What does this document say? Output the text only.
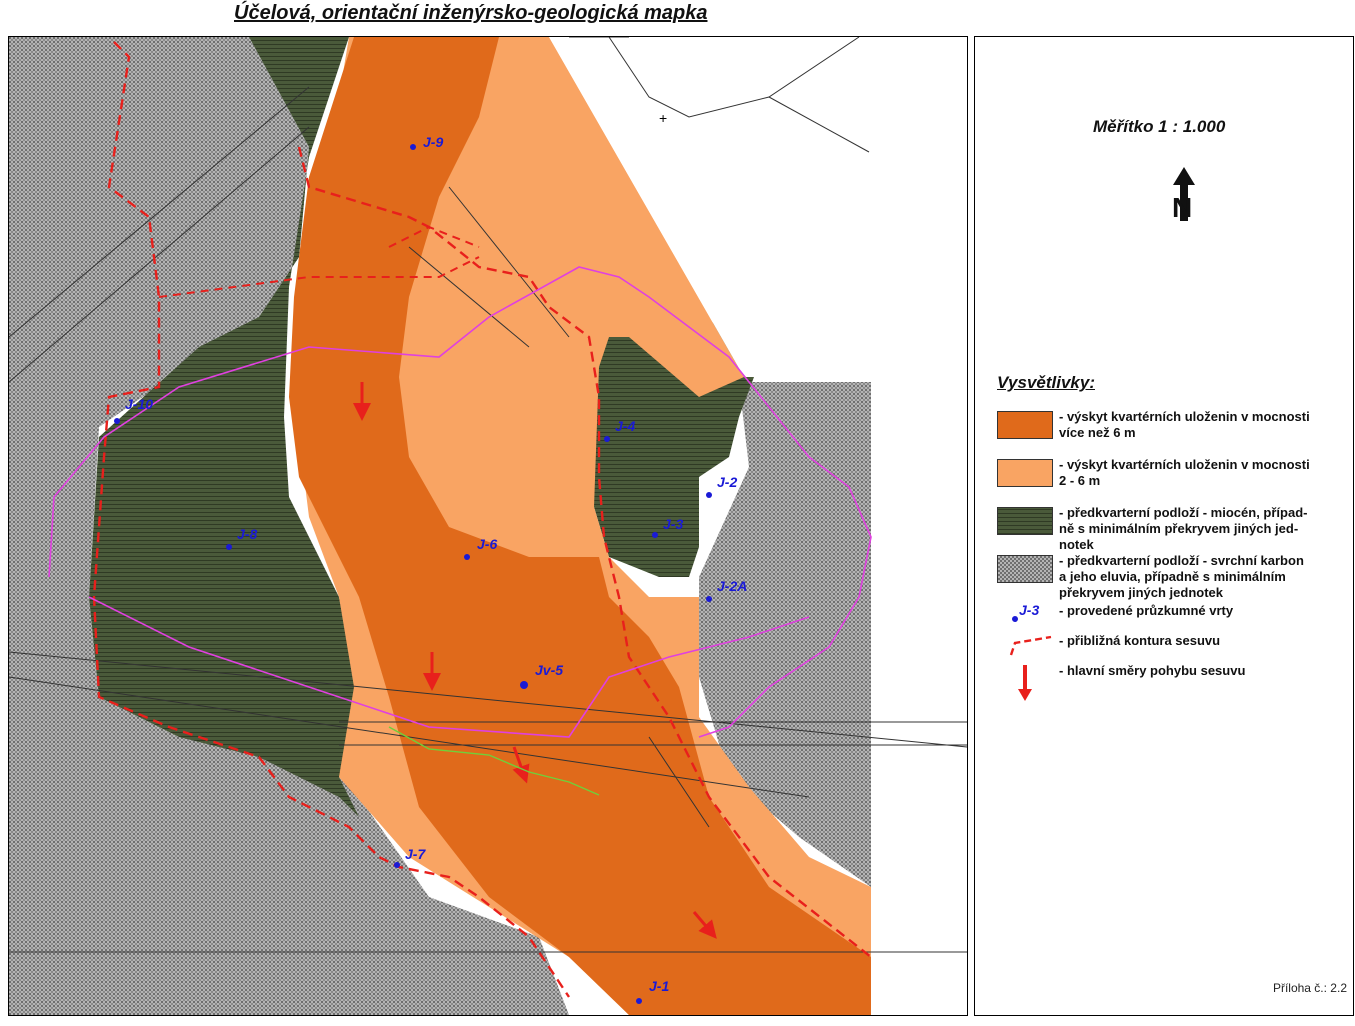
Účelová, orientační inženýrsko-geologická mapka
J-9
J-10
J-8
J-6
J-4
J-2
J-3
J-2A
Jv-5
J-7
J-1
+	Měřítko 1 : 1.000
N
Vysvětlivky:
- výskyt kvartérních uloženin v mocnosti
více než 6 m
- výskyt kvartérních uloženin v mocnosti
2 - 6 m
- předkvarterní podloží - miocén, případ-
ně s minimálním překryvem jiných jed-
notek
- předkvarterní podloží - svrchní karbon
a jeho eluvia, případně s minimálním
překryvem jiných jednotek
J-3 - provedené průzkumné vrty
- přibližná kontura sesuvu
- hlavní směry pohybu sesuvu
Příloha č.: 2.2
